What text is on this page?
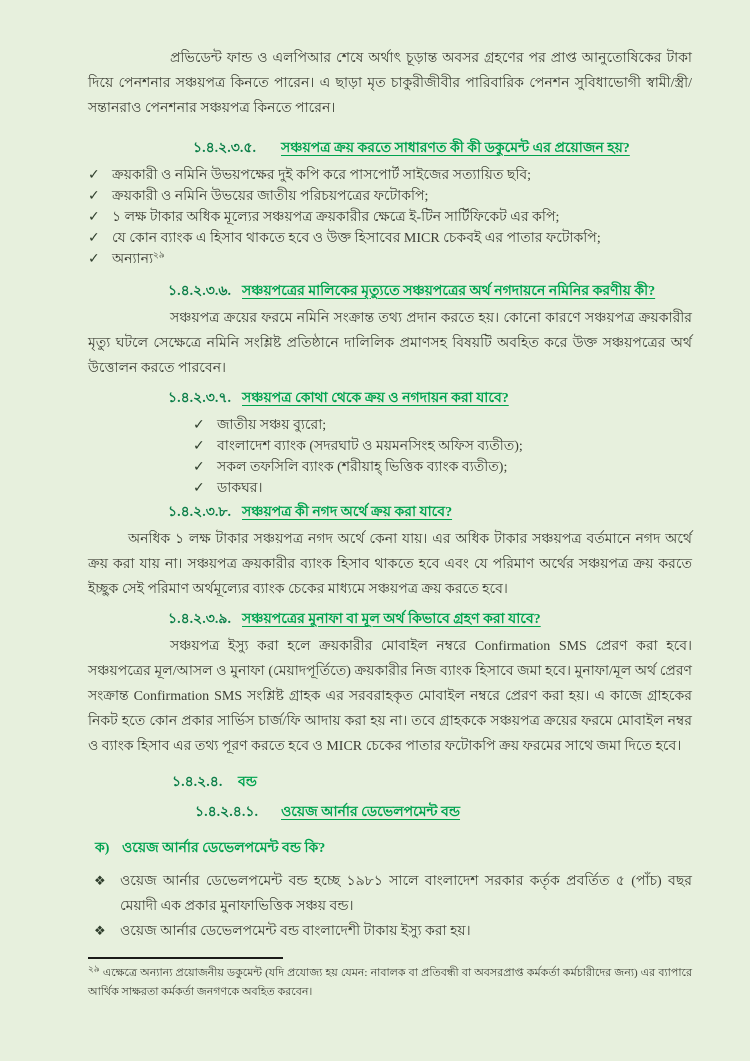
প্রভিডেন্ট ফান্ড ও এলপিআর শেষে অর্থাৎ চূড়ান্ত অবসর গ্রহণের পর প্রাপ্ত আনুতোষিকের টাকা দিয়ে পেনশনার সঞ্চয়পত্র কিনতে পারেন। এ ছাড়া মৃত চাকুরীজীবীর পারিবারিক পেনশন সুবিধাভোগী স্বামী/স্ত্রী/সন্তানরাও পেনশনার সঞ্চয়পত্র কিনতে পারেন।

১.৪.২.৩.৫.	সঞ্চয়পত্র ক্রয় করতে সাধারণত কী কী ডকুমেন্ট এর প্রয়োজন হয়?
✓ ক্রয়কারী ও নমিনি উভয়পক্ষের দুই কপি করে পাসপোর্ট সাইজের সত্যায়িত ছবি;
✓ ক্রয়কারী ও নমিনি উভয়ের জাতীয় পরিচয়পত্রের ফটোকপি;
✓ ১ লক্ষ টাকার অধিক মূল্যের সঞ্চয়পত্র ক্রয়কারীর ক্ষেত্রে ই-টিন সার্টিফিকেট এর কপি;
✓ যে কোন ব্যাংক এ হিসাব থাকতে হবে ও উক্ত হিসাবের MICR চেকবই এর পাতার ফটোকপি;
✓ অন্যান্য$^{২৯}$
১.৪.২.৩.৬. সঞ্চয়পত্রের মালিকের মৃত্যুতে সঞ্চয়পত্রের অর্থ নগদায়নে নমিনির করণীয় কী?

সঞ্চয়পত্র ক্রয়ের ফরমে নমিনি সংক্রান্ত তথ্য প্রদান করতে হয়। কোনো কারণে সঞ্চয়পত্র ক্রয়কারীর মৃত্যু ঘটলে সেক্ষেত্রে নমিনি সংশ্লিষ্ট প্রতিষ্ঠানে দালিলিক প্রমাণসহ বিষয়টি অবহিত করে উক্ত সঞ্চয়পত্রের অর্থ উত্তোলন করতে পারবেন।

১.৪.২.৩.৭. সঞ্চয়পত্র কোথা থেকে ক্রয় ও নগদায়ন করা যাবে?
✓ জাতীয় সঞ্চয় ব্যুরো;
✓ বাংলাদেশ ব্যাংক (সদরঘাট ও ময়মনসিংহ অফিস ব্যতীত);
✓ সকল তফসিলি ব্যাংক (শরীয়াহ্‌ ভিত্তিক ব্যাংক ব্যতীত);
✓ ডাকঘর।
১.৪.২.৩.৮. সঞ্চয়পত্র কী নগদ অর্থে ক্রয় করা যাবে?

অনধিক ১ লক্ষ টাকার সঞ্চয়পত্র নগদ অর্থে কেনা যায়। এর অধিক টাকার সঞ্চয়পত্র বর্তমানে নগদ অর্থে ক্রয় করা যায় না। সঞ্চয়পত্র ক্রয়কারীর ব্যাংক হিসাব থাকতে হবে এবং যে পরিমাণ অর্থের সঞ্চয়পত্র ক্রয় করতে ইচ্ছুক সেই পরিমাণ অর্থমূল্যের ব্যাংক চেকের মাধ্যমে সঞ্চয়পত্র ক্রয় করতে হবে।

১.৪.২.৩.৯. সঞ্চয়পত্রের মুনাফা বা মূল অর্থ কিভাবে গ্রহণ করা যাবে?

সঞ্চয়পত্র ইস্যু করা হলে ক্রয়কারীর মোবাইল নম্বরে Confirmation SMS প্রেরণ করা হবে। সঞ্চয়পত্রের মূল/আসল ও মুনাফা (মেয়াদপূর্তিতে) ক্রয়কারীর নিজ ব্যাংক হিসাবে জমা হবে। মুনাফা/মূল অর্থ প্রেরণ সংক্রান্ত Confirmation SMS সংশ্লিষ্ট গ্রাহক এর সরবরাহকৃত মোবাইল নম্বরে প্রেরণ করা হয়। এ কাজে গ্রাহকের নিকট হতে কোন প্রকার সার্ভিস চার্জ/ফি আদায় করা হয় না। তবে গ্রাহককে সঞ্চয়পত্র ক্রয়ের ফরমে মোবাইল নম্বর ও ব্যাংক হিসাব এর তথ্য পূরণ করতে হবে ও MICR চেকের পাতার ফটোকপি ক্রয় ফরমের সাথে জমা দিতে হবে।

১.৪.২.৪.	বন্ড
১.৪.২.৪.১.	ওয়েজ আর্নার ডেভেলপমেন্ট বন্ড
ক) ওয়েজ আর্নার ডেভেলপমেন্ট বন্ড কি?
❖	ওয়েজ আর্নার ডেভেলপমেন্ট বন্ড হচ্ছে ১৯৮১ সালে বাংলাদেশ সরকার কর্তৃক প্রবর্তিত ৫ (পাঁচ) বছর মেয়াদী এক প্রকার মুনাফাভিত্তিক সঞ্চয় বন্ড।
❖	ওয়েজ আর্নার ডেভেলপমেন্ট বন্ড বাংলাদেশী টাকায় ইস্যু করা হয়।

$^{২৯}$ এক্ষেত্রে অন্যান্য প্রয়োজনীয় ডকুমেন্ট (যদি প্রযোজ্য হয় যেমন: নাবালক বা প্রতিবন্ধী বা অবসরপ্রাপ্ত কর্মকর্তা কর্মচারীদের জন্য) এর ব্যাপারে আর্থিক সাক্ষরতা কর্মকর্তা জনগণকে অবহিত করবেন।
